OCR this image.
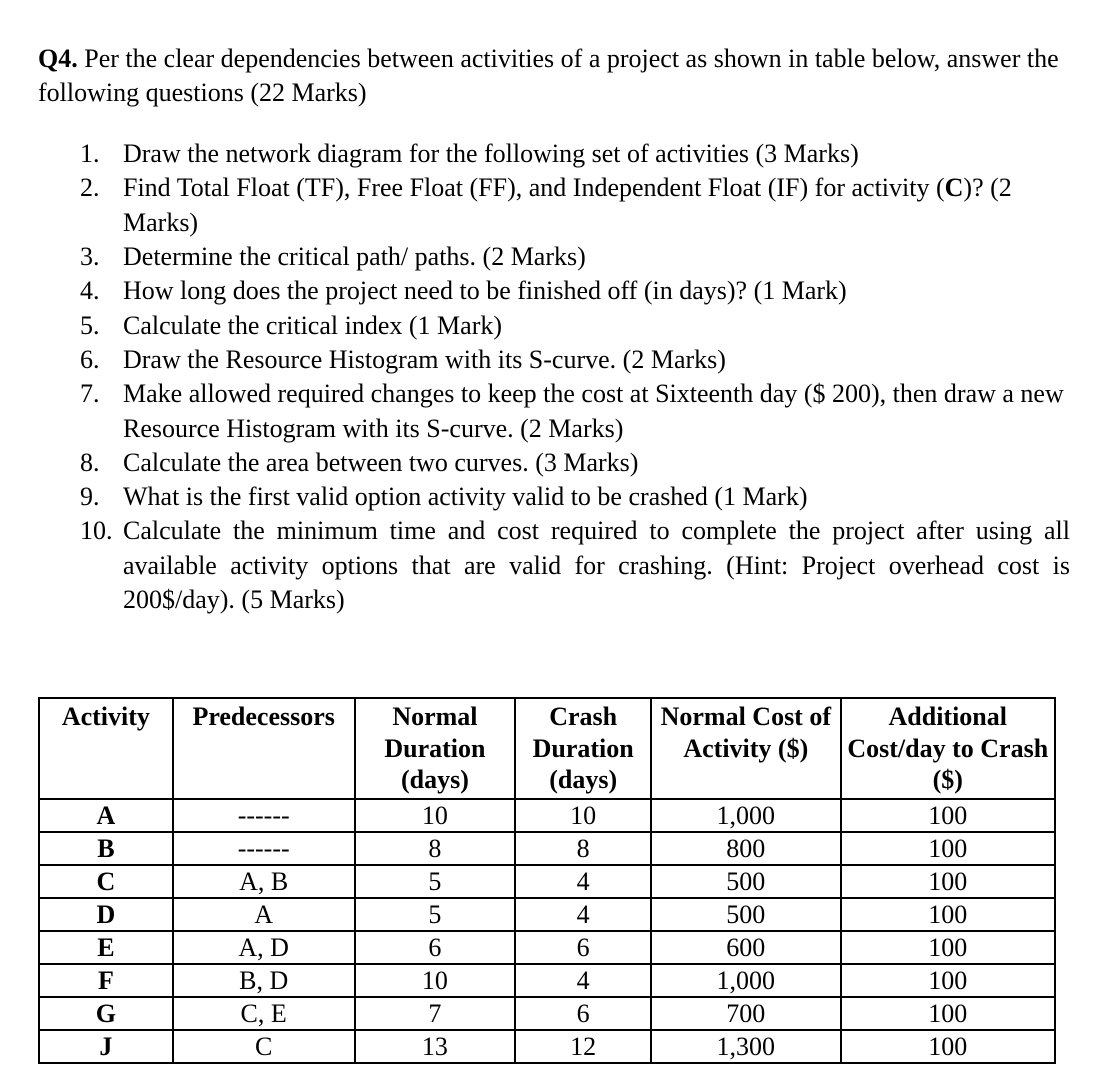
Q4. Per the clear dependencies between activities of a project as shown in table below, answer the following questions (22 Marks)

1. Draw the network diagram for the following set of activities (3 Marks)
2. Find Total Float (TF), Free Float (FF), and Independent Float (IF) for activity (C)? (2 Marks)
3. Determine the critical path/ paths. (2 Marks)
4. How long does the project need to be finished off (in days)? (1 Mark)
5. Calculate the critical index (1 Mark)
6. Draw the Resource Histogram with its S-curve. (2 Marks)
7. Make allowed required changes to keep the cost at Sixteenth day ($ 200), then draw a new Resource Histogram with its S-curve. (2 Marks)
8. Calculate the area between two curves. (3 Marks)
9. What is the first valid option activity valid to be crashed (1 Mark)
10. Calculate the minimum time and cost required to complete the project after using all available activity options that are valid for crashing. (Hint: Project overhead cost is 200$/day). (5 Marks)
Activity	Predecessors	Normal Duration (days)	Crash Duration (days)	Normal Cost of Activity ($)	Additional Cost/day to Crash ($)
A	------	10	10	1,000	100
B	------	8	8	800	100
C	A, B	5	4	500	100
D	A	5	4	500	100
E	A, D	6	6	600	100
F	B, D	10	4	1,000	100
G	C, E	7	6	700	100
J	C	13	12	1,300	100
